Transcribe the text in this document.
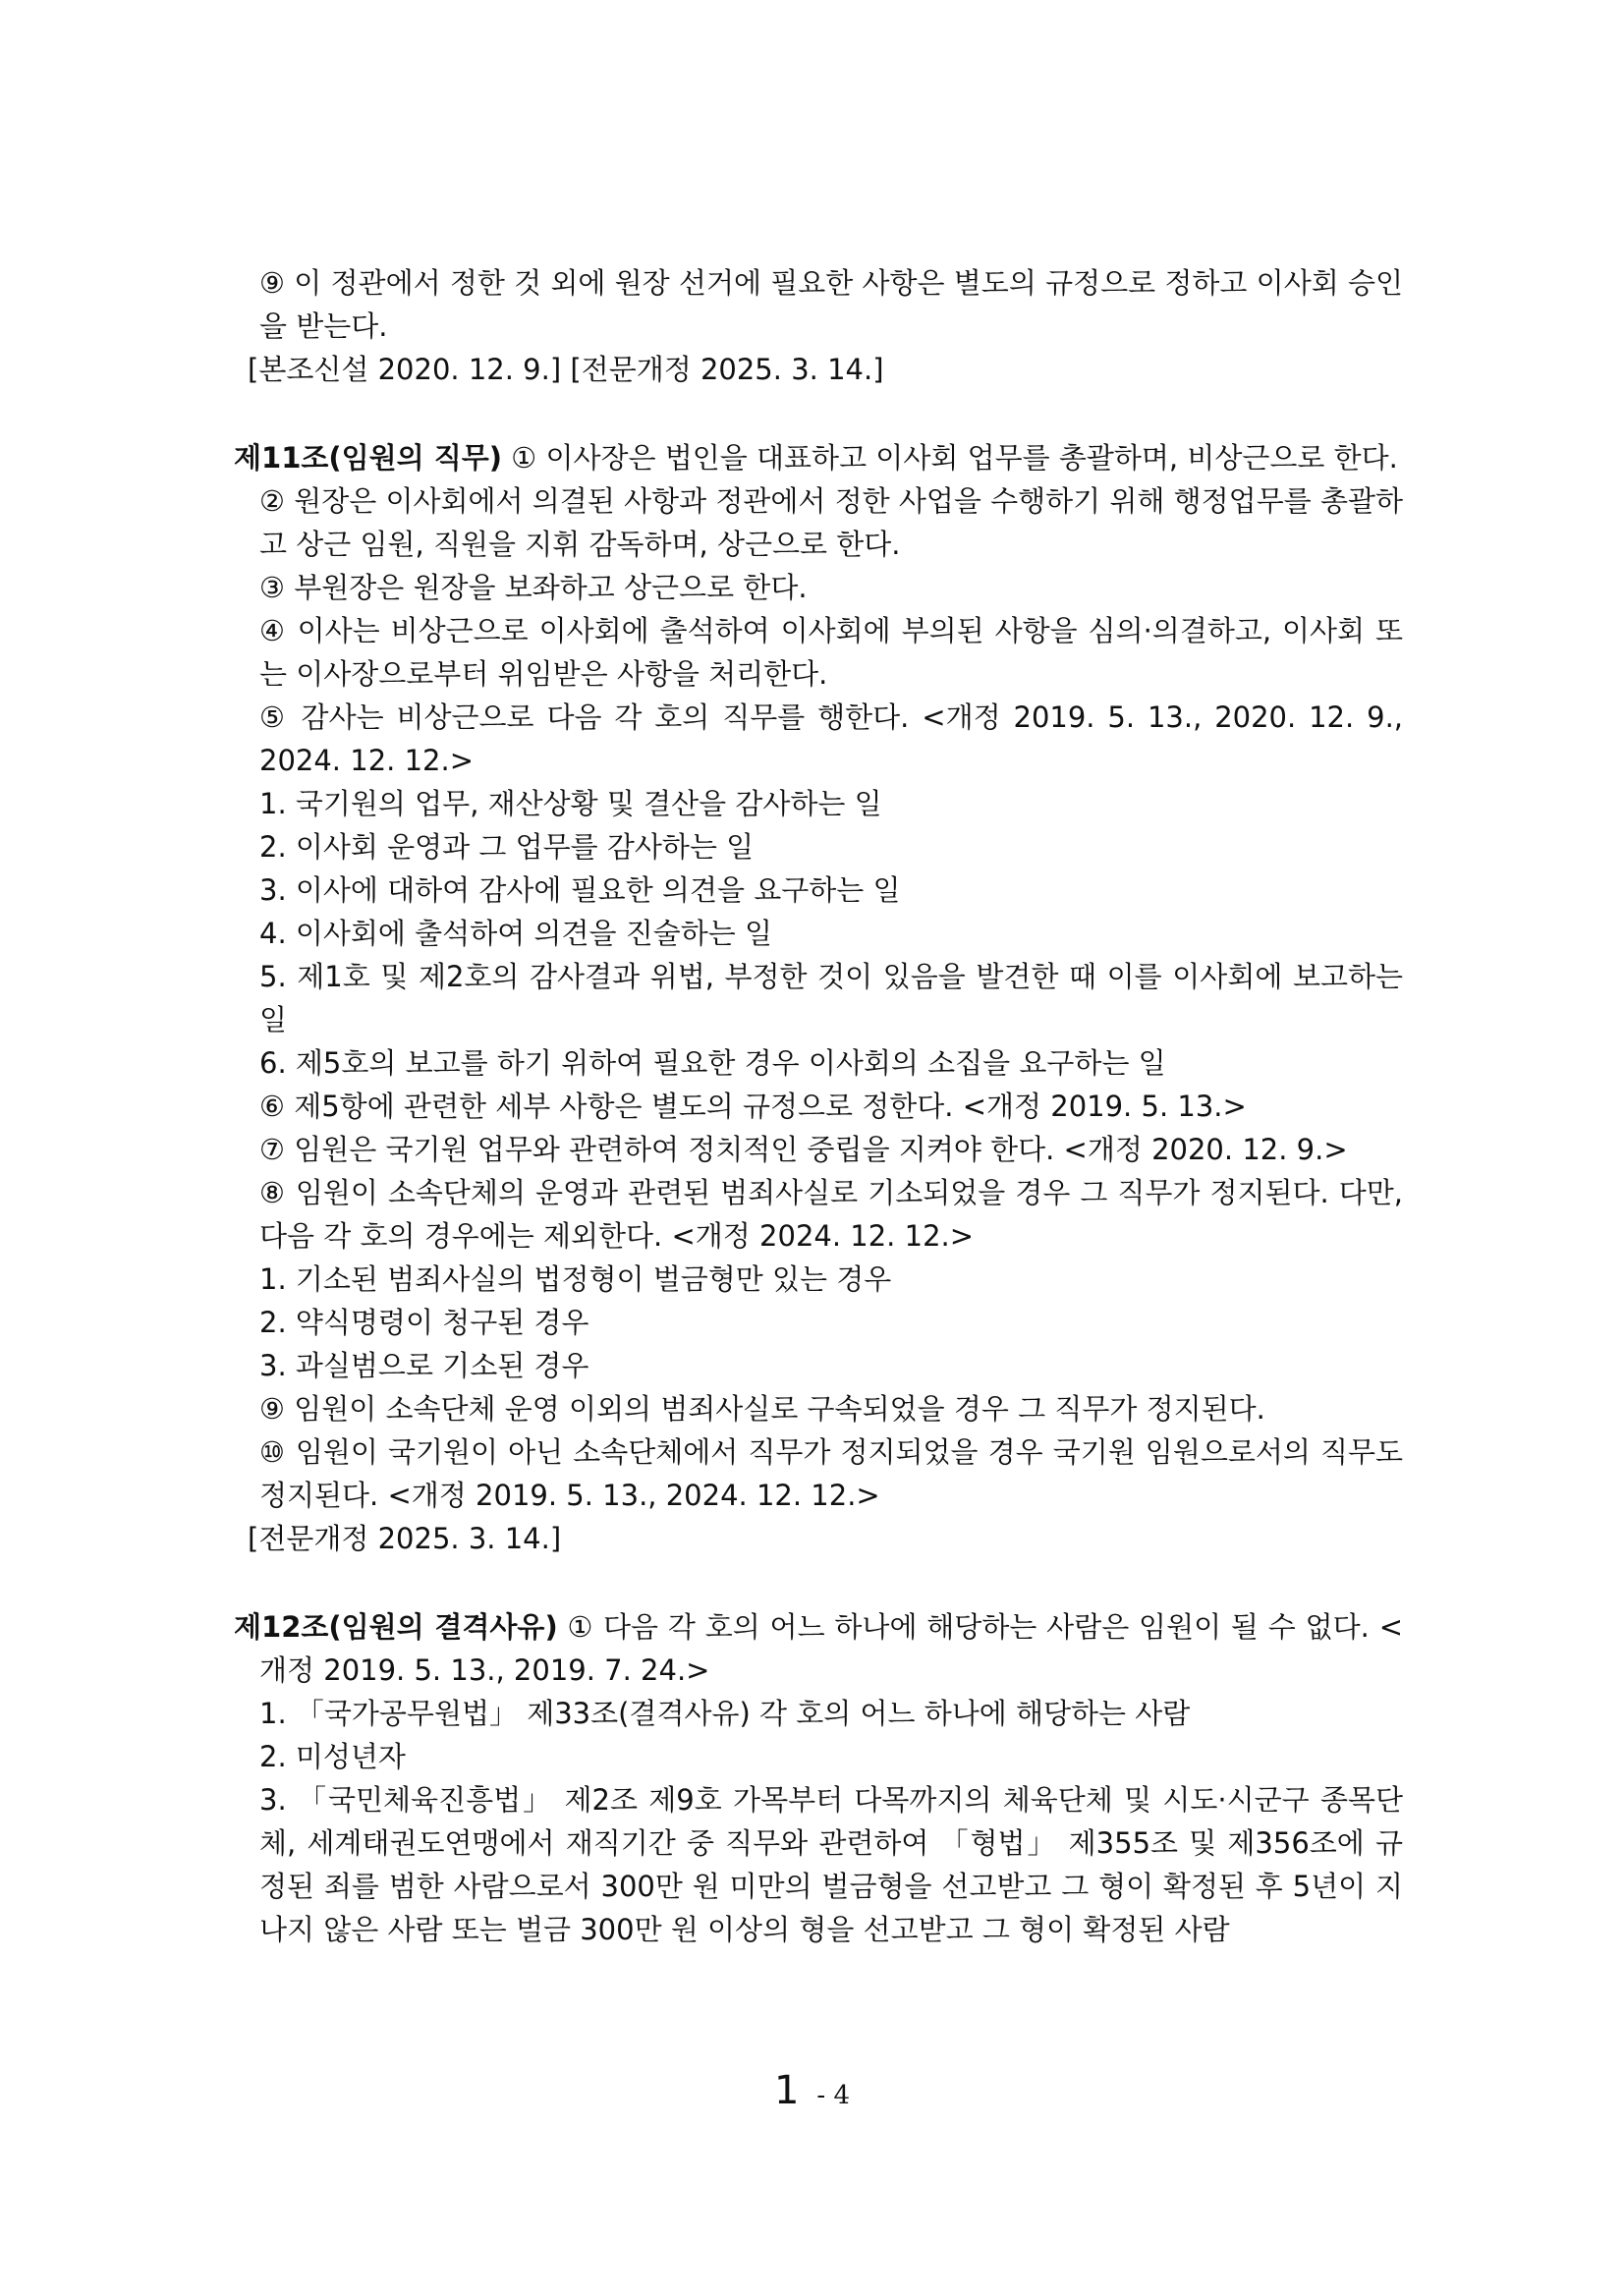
⑨ 이 정관에서 정한 것 외에 원장 선거에 필요한 사항은 별도의 규정으로 정하고 이사회 승인을 받는다.

[본조신설 2020. 12. 9.] [전문개정 2025. 3. 14.]

제11조(임원의 직무) ① 이사장은 법인을 대표하고 이사회 업무를 총괄하며, 비상근으로 한다.

② 원장은 이사회에서 의결된 사항과 정관에서 정한 사업을 수행하기 위해 행정업무를 총괄하고 상근 임원, 직원을 지휘 감독하며, 상근으로 한다.

③ 부원장은 원장을 보좌하고 상근으로 한다.

④ 이사는 비상근으로 이사회에 출석하여 이사회에 부의된 사항을 심의·의결하고, 이사회 또는 이사장으로부터 위임받은 사항을 처리한다.

⑤ 감사는 비상근으로 다음 각 호의 직무를 행한다. <개정 2019. 5. 13., 2020. 12. 9., 2024. 12. 12.>

1. 국기원의 업무, 재산상황 및 결산을 감사하는 일

2. 이사회 운영과 그 업무를 감사하는 일

3. 이사에 대하여 감사에 필요한 의견을 요구하는 일

4. 이사회에 출석하여 의견을 진술하는 일

5. 제1호 및 제2호의 감사결과 위법, 부정한 것이 있음을 발견한 때 이를 이사회에 보고하는 일

6. 제5호의 보고를 하기 위하여 필요한 경우 이사회의 소집을 요구하는 일

⑥ 제5항에 관련한 세부 사항은 별도의 규정으로 정한다. <개정 2019. 5. 13.>

⑦ 임원은 국기원 업무와 관련하여 정치적인 중립을 지켜야 한다. <개정 2020. 12. 9.>

⑧ 임원이 소속단체의 운영과 관련된 범죄사실로 기소되었을 경우 그 직무가 정지된다. 다만, 다음 각 호의 경우에는 제외한다. <개정 2024. 12. 12.>

1. 기소된 범죄사실의 법정형이 벌금형만 있는 경우

2. 약식명령이 청구된 경우

3. 과실범으로 기소된 경우

⑨ 임원이 소속단체 운영 이외의 범죄사실로 구속되었을 경우 그 직무가 정지된다.

⑩ 임원이 국기원이 아닌 소속단체에서 직무가 정지되었을 경우 국기원 임원으로서의 직무도 정지된다. <개정 2019. 5. 13., 2024. 12. 12.>

[전문개정 2025. 3. 14.]

제12조(임원의 결격사유) ① 다음 각 호의 어느 하나에 해당하는 사람은 임원이 될 수 없다. <개정 2019. 5. 13., 2019. 7. 24.>

1. 「국가공무원법」 제33조(결격사유) 각 호의 어느 하나에 해당하는 사람

2. 미성년자

3. 「국민체육진흥법」 제2조 제9호 가목부터 다목까지의 체육단체 및 시도·시군구 종목단체, 세계태권도연맹에서 재직기간 중 직무와 관련하여 「형법」 제355조 및 제356조에 규정된 죄를 범한 사람으로서 300만 원 미만의 벌금형을 선고받고 그 형이 확정된 후 5년이 지나지 않은 사람 또는 벌금 300만 원 이상의 형을 선고받고 그 형이 확정된 사람

1 - 4
